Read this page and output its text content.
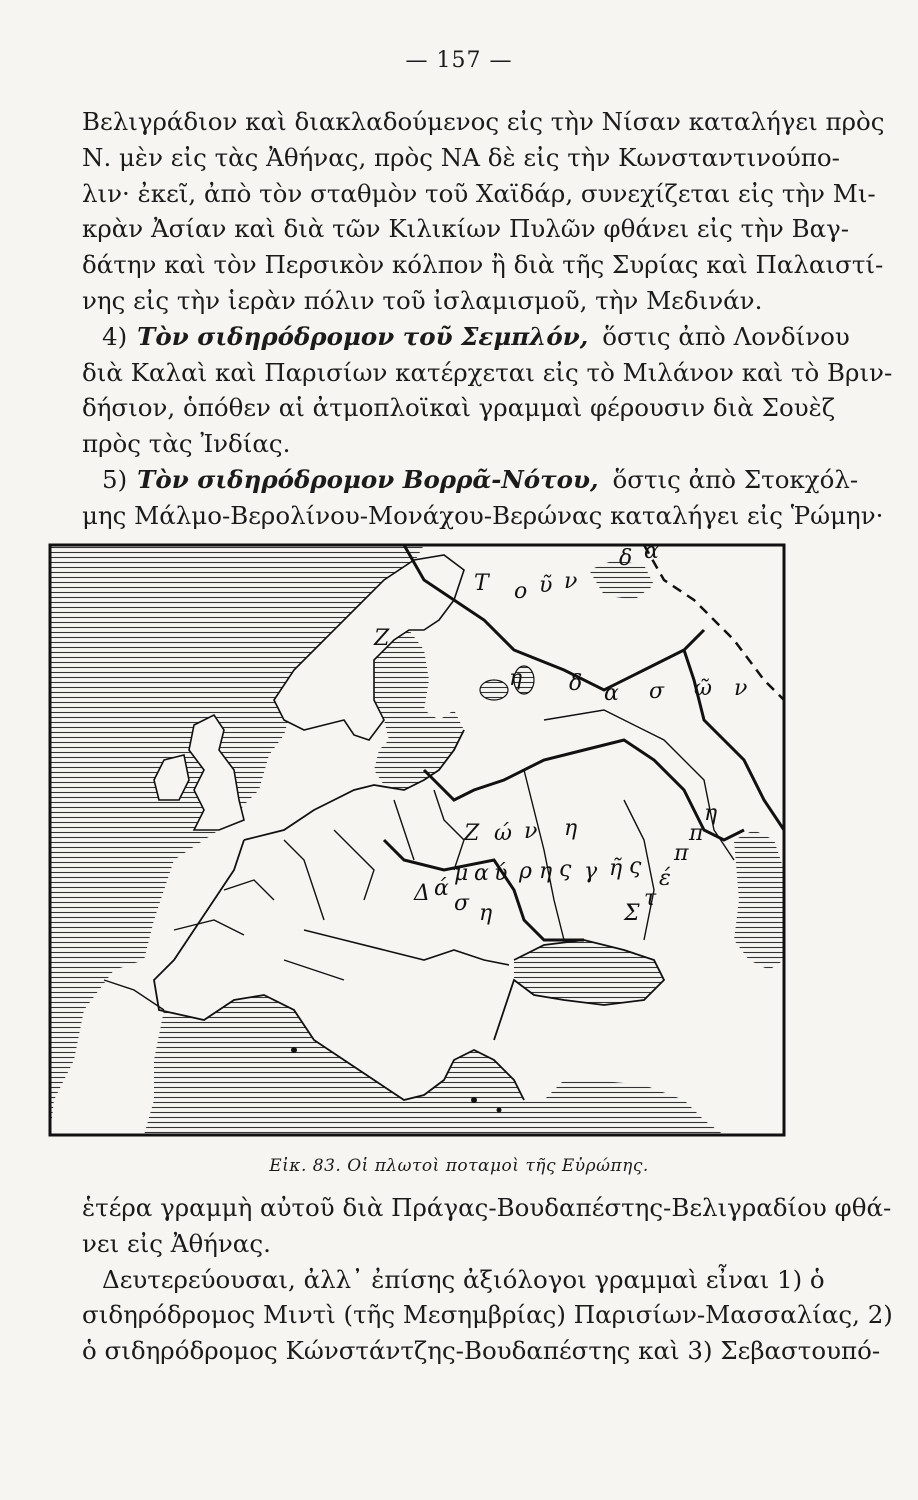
— 157 —
Βελιγράδιον καὶ διακλαδούμενος εἰς τὴν Νίσαν καταλήγει πρὸς
Ν. μὲν εἰς τὰς Ἀθήνας, πρὸς ΝΑ δὲ εἰς τὴν Κωνσταντινούπο-
λιν· ἐκεῖ, ἀπὸ τὸν σταθμὸν τοῦ Χαϊδάρ, συνεχίζεται εἰς τὴν Μι-
κρὰν Ἀσίαν καὶ διὰ τῶν Κιλικίων Πυλῶν φθάνει εἰς τὴν Βαγ-
δάτην καὶ τὸν Περσικὸν κόλπον ἢ διὰ τῆς Συρίας καὶ Παλαιστί-
νης εἰς τὴν ἱερὰν πόλιν τοῦ ἰσλαμισμοῦ, τὴν Μεδινάν.
4) Τὸν σιδηρόδρομον τοῦ Σεμπλόν, ὅστις ἀπὸ Λονδίνου
διὰ Καλαὶ καὶ Παρισίων κατέρχεται εἰς τὸ Μιλάνον καὶ τὸ Βριν-
δήσιον, ὁπόθεν αἱ ἀτμοπλοϊκαὶ γραμμαὶ φέρουσιν διὰ Σουὲζ
πρὸς τὰς Ἰνδίας.
5) Τὸν σιδηρόδρομον Βορρᾶ-Νότου, ὅστις ἀπὸ Στοκχόλ-
μης Μάλμο-Βερολίνου-Μονάχου-Βερώνας καταλήγει εἰς Ῥώμην·
Τ ο ῦ ν
δ α
Ζ
η δ α σ ῶ ν
Ζ ώ ν η
μ α ύ ρ η ς γ ῆ ς
Σ
τ
έ
π
π
η
Δ ά
σ η
Εἰκ. 83. Οἱ πλωτοὶ ποταμοὶ τῆς Εὐρώπης.
ἑτέρα γραμμὴ αὐτοῦ διὰ Πράγας-Βουδαπέστης-Βελιγραδίου φθά-
νει εἰς Ἀθήνας.
Δευτερεύουσαι, ἀλλ᾽ ἐπίσης ἀξιόλογοι γραμμαὶ εἶναι 1) ὁ
σιδηρόδρομος Μιντὶ (τῆς Μεσημβρίας) Παρισίων-Μασσαλίας, 2)
ὁ σιδηρόδρομος Κώνστάντζης-Βουδαπέστης καὶ 3) Σεβαστουπό-
